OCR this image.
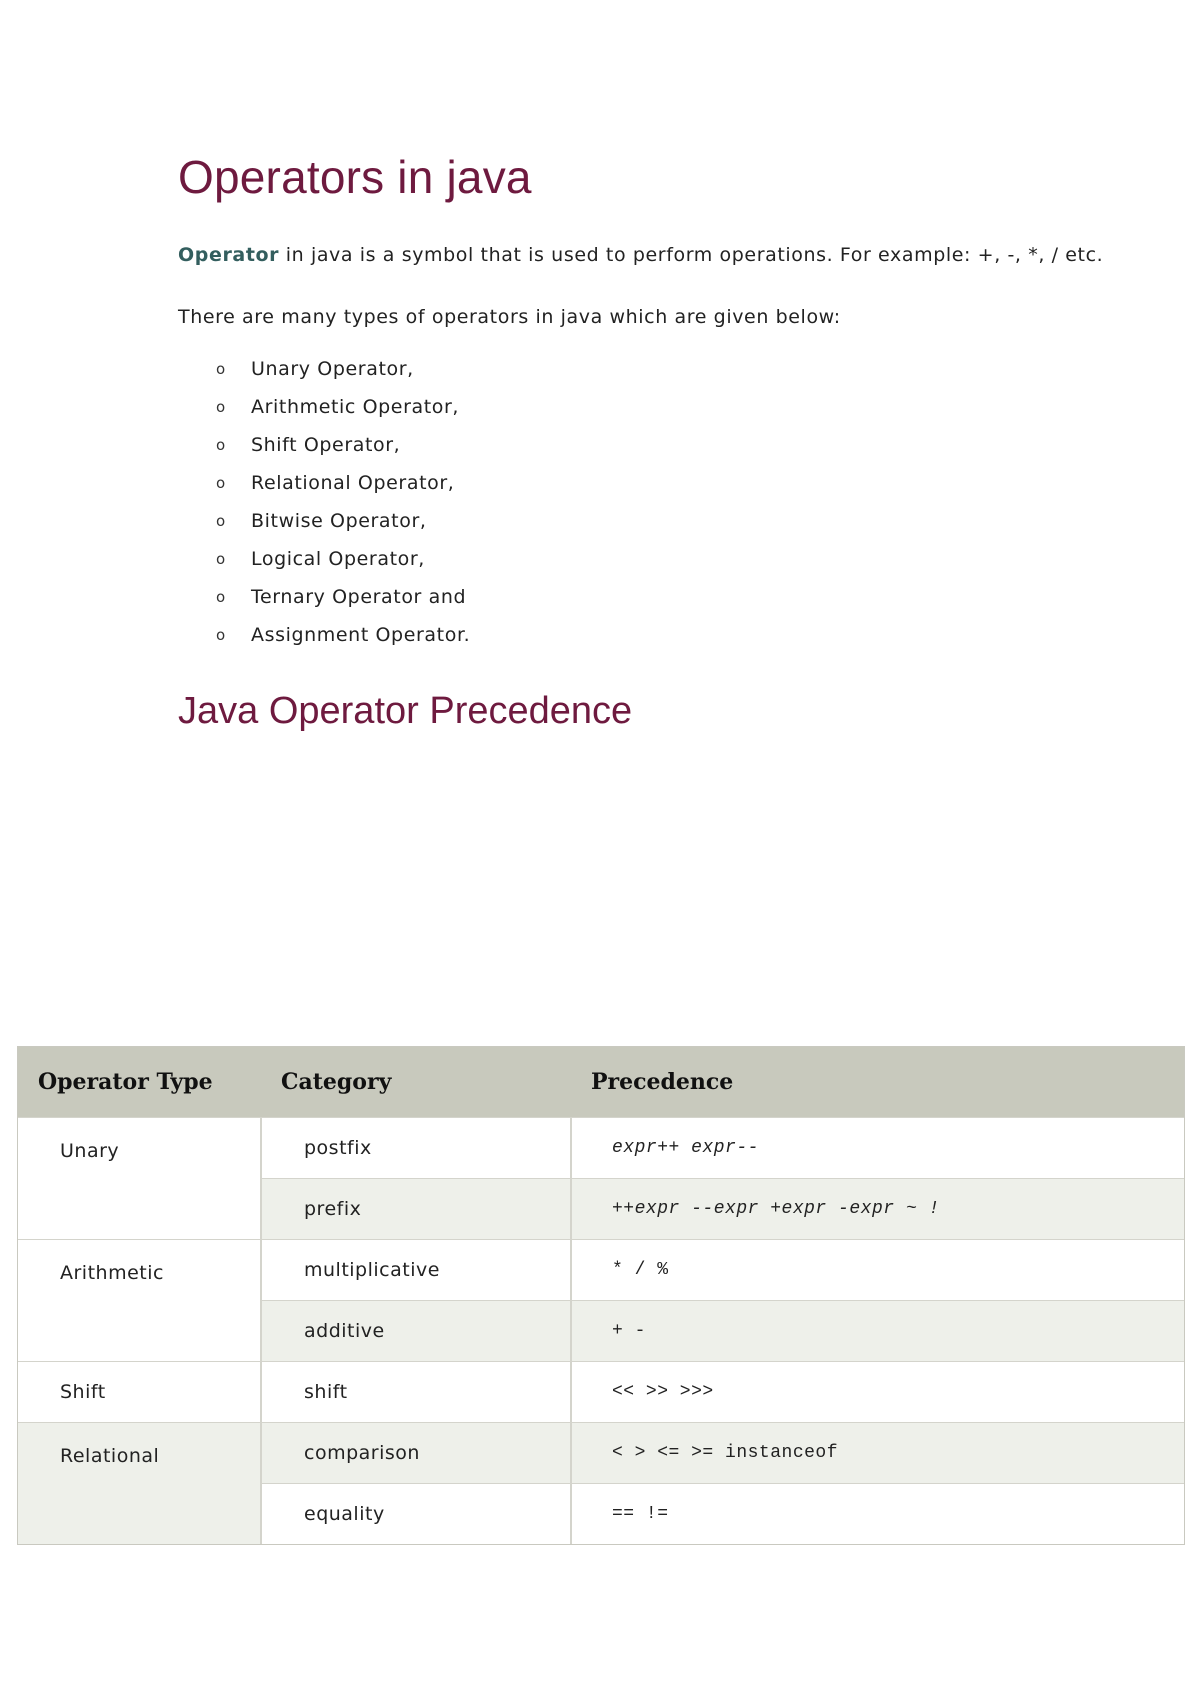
Operators in java

Operator in java is a symbol that is used to perform operations. For example: +, -, *, / etc.

There are many types of operators in java which are given below:

o Unary Operator,
o Arithmetic Operator,
o Shift Operator,
o Relational Operator,
o Bitwise Operator,
o Logical Operator,
o Ternary Operator and
o Assignment Operator.
Java Operator Precedence
Operator Type	Category	Precedence
Unary	postfix	expr++ expr--
	prefix	++expr --expr +expr -expr ~ !
Arithmetic	multiplicative	* / %
	additive	+ -
Shift	shift	<< >> >>>
Relational	comparison	< > <= >= instanceof
	equality	== !=
